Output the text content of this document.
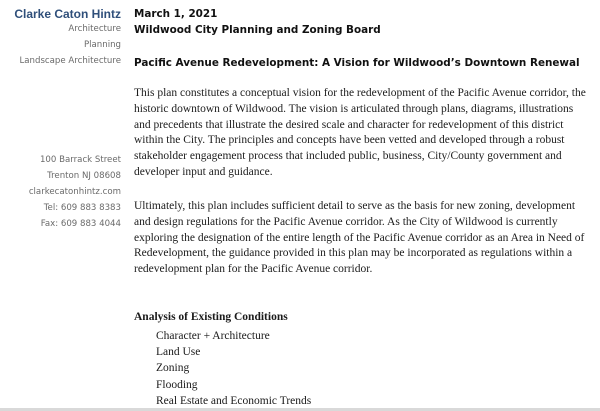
Clarke Caton Hintz
Architecture
Planning
Landscape Architecture
100 Barrack Street
Trenton NJ 08608
clarkecatonhintz.com
Tel: 609 883 8383
Fax: 609 883 4044
March 1, 2021
Wildwood City Planning and Zoning Board
Pacific Avenue Redevelopment: A Vision for Wildwood’s Downtown Renewal

This plan constitutes a conceptual vision for the redevelopment of the Pacific Avenue corridor, the historic downtown of Wildwood. The vision is articulated through plans, diagrams, illustrations and precedents that illustrate the desired scale and character for redevelopment of this district within the City. The principles and concepts have been vetted and developed through a robust stakeholder engagement process that included public, business, City/County government and developer input and guidance.

Ultimately, this plan includes sufficient detail to serve as the basis for new zoning, development and design regulations for the Pacific Avenue corridor. As the City of Wildwood is currently exploring the designation of the entire length of the Pacific Avenue corridor as an Area in Need of Redevelopment, the guidance provided in this plan may be incorporated as regulations within a redevelopment plan for the Pacific Avenue corridor.

Analysis of Existing Conditions
Character + Architecture
Land Use
Zoning
Flooding
Real Estate and Economic Trends
